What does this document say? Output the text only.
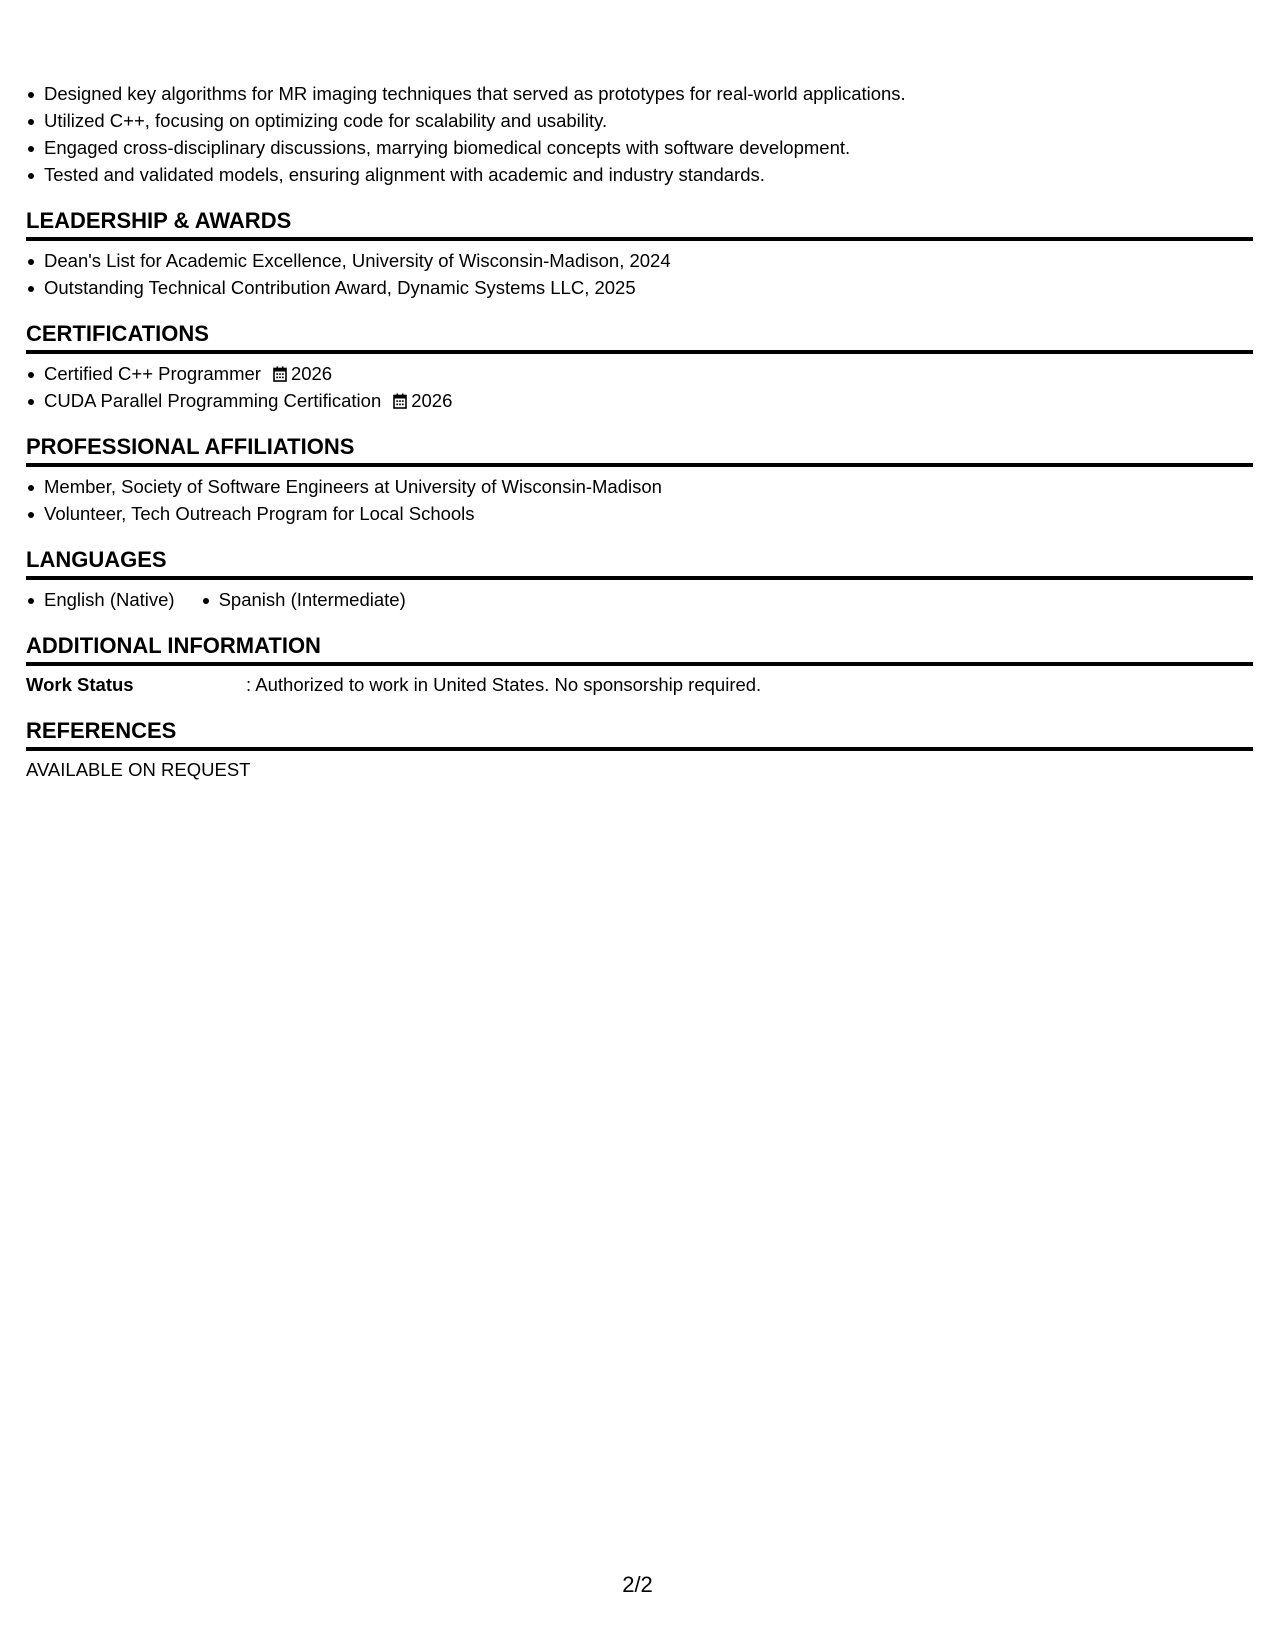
Designed key algorithms for MR imaging techniques that served as prototypes for real-world applications.
Utilized C++, focusing on optimizing code for scalability and usability.
Engaged cross-disciplinary discussions, marrying biomedical concepts with software development.
Tested and validated models, ensuring alignment with academic and industry standards.
LEADERSHIP & AWARDS
Dean's List for Academic Excellence, University of Wisconsin-Madison, 2024
Outstanding Technical Contribution Award, Dynamic Systems LLC, 2025
CERTIFICATIONS
Certified C++ Programmer 2026
CUDA Parallel Programming Certification 2026
PROFESSIONAL AFFILIATIONS
Member, Society of Software Engineers at University of Wisconsin-Madison
Volunteer, Tech Outreach Program for Local Schools
LANGUAGES
English (Native)	Spanish (Intermediate)
ADDITIONAL INFORMATION
Work Status	: Authorized to work in United States. No sponsorship required.
REFERENCES
AVAILABLE ON REQUEST
2/2
